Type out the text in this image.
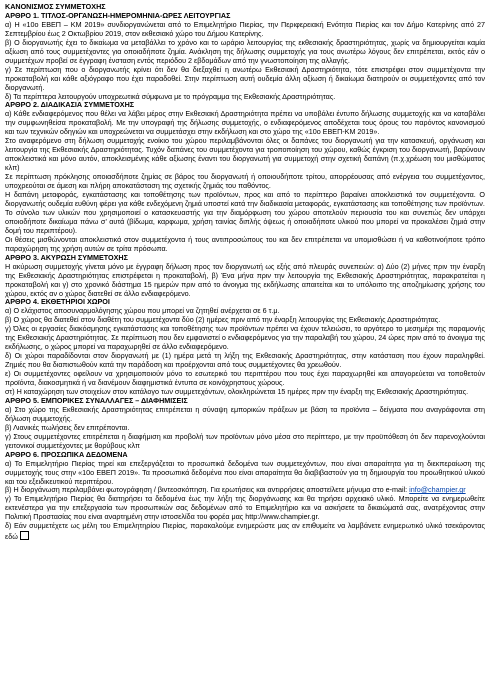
ΚΑΝΟΝΙΣΜΟΣ ΣΥΜΜΕΤΟΧΗΣ

ΑΡΘΡΟ 1. ΤΙΤΛΟΣ-ΟΡΓΑΝΩΣΗ-ΗΜΕΡΟΜΗΝΙΑ-ΩΡΕΣ ΛΕΙΤΟΥΡΓΙΑΣ

α) Η «10ο ΕΒΕΠ – ΚΜ 2019» συνδιοργανώνεται από το Επιμελητήριο Πιερίας, την Περιφερειακή Ενότητα Πιερίας και τον Δήμο Κατερίνης από 27 Σεπτεμβρίου έως 2 Οκτωβρίου 2019, στον εκθεσιακό χώρο του Δήμου Κατερίνης.

β) Ο διοργανωτής έχει το δικαίωμα να μεταβάλλει το χρόνο και το ωράριο λειτουργίας της εκθεσιακής δραστηριότητας, χωρίς να δημιουργείται καμία αξίωση από τους συμμετέχοντες για οποιαδήποτε ζημία. Ανάκληση της δήλωσης συμμετοχής για τους ανωτέρω λόγους δεν επιτρέπεται, εκτός εάν ο συμμετέχων προβεί σε έγγραφη ένσταση εντός περιόδου 2 εβδομάδων από την γνωστοποίηση της αλλαγής.

γ) Σε περίπτωση που ο διοργανωτής κρίνει ότι δεν θα διεξαχθεί η ανωτέρω Εκθεσιακή Δραστηριότητα, τότε επιστρέφει στον συμμετέχοντα την προκαταβολή και κάθε αξιόγραφο που έχει παραδοθεί. Στην περίπτωση αυτή ουδεμία άλλη αξίωση ή δικαίωμα διατηρούν οι συμμετέχοντες από τον διοργανωτή.

δ) Τα περίπτερα λειτουργούν υποχρεωτικά σύμφωνα με το πρόγραμμα της Εκθεσιακής Δραστηριότητας.

ΑΡΘΡΟ 2. ΔΙΑΔΙΚΑΣΙΑ ΣΥΜΜΕΤΟΧΗΣ

α) Κάθε ενδιαφερόμενος που θέλει να λάβει μέρος στην Εκθεσιακή Δραστηριότητα πρέπει να υποβάλει έντυπο δήλωσης συμμετοχής και να καταβάλει την συμφωνηθείσα προκαταβολή. Με την υπογραφή της δήλωσης συμμετοχής, ο ενδιαφερόμενος αποδέχεται τους όρους του παρόντος κανονισμού και των τεχνικών οδηγιών και υποχρεώνεται να συμμετάσχει στην εκδήλωση και στο χώρο της «10ο ΕΒΕΠ-ΚΜ 2019».

Στο αναφερόμενο στη δήλωση συμμετοχής ενοίκιο του χώρου περιλαμβάνονται όλες οι δαπάνες του διοργανωτή για την κατασκευή, οργάνωση και λειτουργία της Εκθεσιακής Δραστηριότητας. Τυχόν δαπάνες του συμμετέχοντα για τροποποίηση του χώρου, καθώς έγκριση του διοργανωτή, βαρύνουν αποκλειστικά και μόνο αυτόν, αποκλεισμένης κάθε αξίωσης έναντι του διοργανωτή για συμμετοχή στην σχετική δαπάνη (π.χ.χρέωση του μισθώματος κλπ)

Σε περίπτωση πρόκλησης οποιασδήποτε ζημίας σε βάρος του διοργανωτή ή οποιουδήποτε τρίτου, απορρέουσας από ενέργεια του συμμετέχοντος, υποχρεούται σε άμεση και πλήρη αποκατάσταση της σχετικής ζημιάς του παθόντος.

Η δαπάνη μεταφοράς, εγκατάστασης και τοποθέτησης των προϊόντων, προς και από το περίπτερο βαραίνει αποκλειστικά τον συμμετέχοντα. Ο διοργανωτής ουδεμία ευθύνη φέρει για κάθε ενδεχόμενη ζημιά υποστεί κατά την διαδικασία μεταφοράς, εγκατάστασης και τοποθέτησης των προϊόντων.

Το σύνολο των υλικών που χρησιμοποιεί ο κατασκευαστής για την διαμόρφωση του χώρου αποτελούν περιουσία του και συνεπώς δεν υπάρχει οποιοδήποτε δικαίωμα πάνω σ’ αυτά (βίδωμα, καρφωμα, χρήση ταινίας διπλής όψεως ή οποιαδήποτε υλικού που μπορεί να προκαλέσει ζημιά στην δομή του περιπτέρου).

Οι θέσεις μισθώνονται αποκλειστικά στον συμμετέχοντα ή τους αντιπροσώπους του και δεν επιτρέπεται να υπομισθώσει ή να καθοτινοήποτε τρόπο παραχώρηση της χρήση αυτών σε τρίτα πρόσωπα.

ΑΡΘΡΟ 3. ΑΚΥΡΩΣΗ ΣΥΜΜΕΤΟΧΗΣ

Η ακύρωση συμμετοχής γίνεται μόνο με έγγραφη δήλωση προς τον διοργανωτή ως εξής από πλευράς συνεπειών: α) Δύο (2) μήνες πριν την έναρξη της Εκθεσιακής Δραστηριότητας επιστρέφεται η προκαταβολή, β) Ένα μήνα πριν την λειτουργία της Εκθεσιακής Δραστηριότητας, παρακρατείται η προκαταβολή και γ) στο χρονικό διάστημα 15 ημερών πριν από το άνοιγμα της εκδήλωσης απαιτείται και το υπόλοιπο της αποζημίωσης χρήσης του χώρου, εκτός αν ο χώρος διατεθεί σε άλλο ενδιαφερόμενο.

ΑΡΘΡΟ 4. ΕΚΘΕΤΗΡΙΟΙ ΧΩΡΟΙ

α) Ο ελάχιστος αποσυναρμολόγησης χώρου που μπορεί να ζητηθεί ανέρχεται σε 6 τ.μ.

β) Ο χώρος θα διατεθεί στον διαθέτη του συμμετέχοντα δύο (2) ημέρες πριν από την έναρξη λειτουργίας της Εκθεσιακής Δραστηριότητας.

γ) Όλες οι εργασίες διακόσμησης εγκατάστασης και τοποθέτησης των προϊόντων πρέπει να έχουν τελειώσει, το αργότερο το μεσημέρι της παραμονής της Εκθεσιακής Δραστηριότητας. Σε περίπτωση που δεν εμφανιστεί ο ενδιαφερόμενος για την παραλαβή του χώρου, 24 ώρες πριν από το άνοιγμα της εκδήλωσης, ο χώρος μπορεί να παραχωρηθεί σε άλλο ενδιαφερόμενο.

δ) Οι χώροι παραδίδονται στον διοργανωτή με (1) ημέρα μετά τη λήξη της Εκθεσιακής Δραστηριότητας, στην κατάσταση που έχουν παραληφθεί. Ζημιές που θα διαπιστωθούν κατά την παράδοση και προέρχονται από τους συμμετέχοντες θα χρεωθούν.

ε) Οι συμμετέχοντες οφείλουν να χρησιμοποιούν μόνο το εσωτερικό του περιπτέρου που τους έχει παραχωρηθεί και απαγορεύεται να τοποθετούν προϊόντα, διακοσμητικά ή να διανέμουν διαφημιστικά έντυπα σε κοινόχρηστους χώρους.

στ) Η καταχώρηση των στοιχείων στον κατάλογο των συμμετεχόντων, ολοκληρώνεται 15 ημέρες πριν την έναρξη της Εκθεσιακής Δραστηριότητας.

ΑΡΘΡΟ 5. ΕΜΠΟΡΙΚΕΣ ΣΥΝΑΛΛΑΓΕΣ – ΔΙΑΦΗΜΙΣΕΙΣ

α) Στο χώρο της Εκθεσιακής Δραστηριότητας επιτρέπεται η σύναψη εμπορικών πράξεων με βάση τα προϊόντα – δείγματα που αναγράφονται στη δήλωση συμμετοχής.

β) Λιανικές πωλήσεις δεν επιτρέπονται.

γ) Στους συμμετέχοντες επιτρέπεται η διαφήμιση και προβολή των προϊόντων μόνο μέσα στο περίπτερο, με την προϋπόθεση ότι δεν παρενοχλούνται γειτονικοί συμμετέχοντες με θορύβους κλπ

ΑΡΘΡΟ 6. ΠΡΟΣΩΠΙΚΑ ΔΕΔΟΜΕΝΑ

α) Το Επιμελητήριο Πιερίας τηρεί και επεξεργάζεται το προσωπικά δεδομένα των συμμετεχόντων, που είναι απαραίτητα για τη διεκπεραίωση της συμμετοχής τους στην «10ο ΕΒΕΠ 2019». Τα προσωπικά δεδομένα που είναι απαραίτητα θα διαβιβαστούν για τη δημιουργία του προωθητικού υλικού και του εξειδικευτικού περιπτέρου.

β) Η διοργάνωση περιλαμβάνει φωτογράφηση / βιντεοσκόπηση. Για ερωτήσεις και αντιρρήσεις αποστείλετε μήνυμα στο e-mail: info@champier.gr

γ) Το Επιμελητήριο Πιερίας θα διατηρήσει τα δεδομένα έως την λήξη της διοργάνωσης και θα τηρήσει αρχειακό υλικό. Μπορείτε να ενημερωθείτε εκτενέστερα για την επεξεργασία των προσωπικών σας δεδομένων από το Επιμελητήριο και να ασκήσετε τα δικαιώματά σας, ανατρέχοντας στην Πολιτική Προστασίας που είναι αναρτημένη στην ιστοσελίδα του φορέα μας http://www.champier.gr.

δ) Εάν συμμετέχετε ως μέλη του Επιμελητηρίου Πιερίας, παρακαλούμε ενημερώστε μας αν επιθυμείτε να λαμβάνετε ενημερωτικό υλικό τσεκάροντας εδώ
